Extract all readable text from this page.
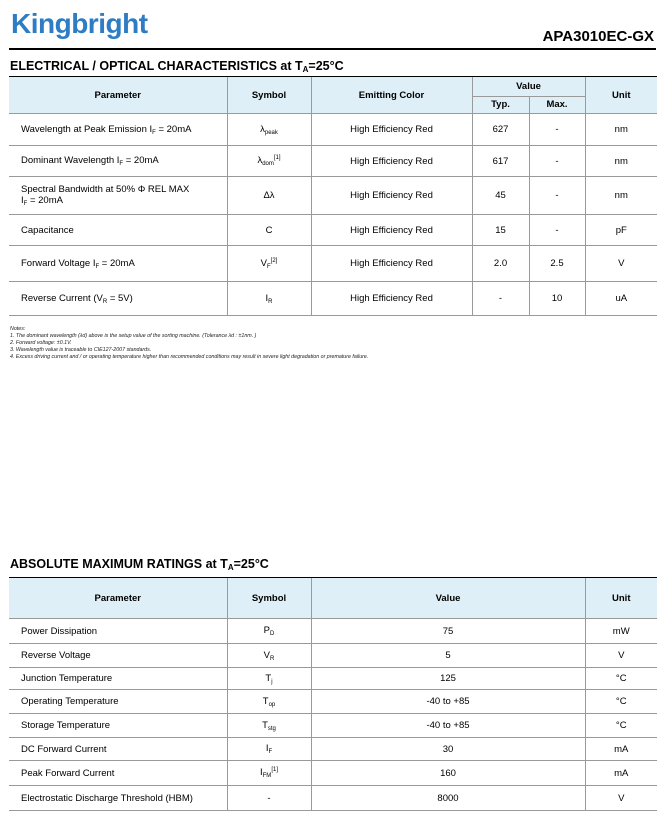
Kingbright	APA3010EC-GX
ELECTRICAL / OPTICAL CHARACTERISTICS at $T_A=25^\circ C$
Parameter	Symbol	Emitting Color	Value		Unit
			Typ.	Max.	

Wavelength at Peak Emission $I_F = 20mA$	$\lambda_{peak}$	High Efficiency Red	627	-	nm

Dominant Wavelength $I_F = 20mA$	$\lambda_{dom}[1]$	High Efficiency Red	617	-	nm

Spectral Bandwidth at 50% Φ REL MAX
$I_F = 20mA$	Δλ	High Efficiency Red	45	-	nm

Capacitance	C	High Efficiency Red	15	-	pF

Forward Voltage $I_F = 20mA$	$V_F[2]$	High Efficiency Red	2.0	2.5	V

Reverse Current $(V_R = 5V)$	$I_R$	High Efficiency Red	-	10	uA
Notes:
1. The dominant wavelength (λd) above is the setup value of the sorting machine. (Tolerance λd : ±1nm. )
2. Forward voltage: ±0.1V.
3. Wavelength value is traceable to CIE127-2007 standards.
4. Excess driving current and / or operating temperature higher than recommended conditions may result in severe light degradation or premature failure.
ABSOLUTE MAXIMUM RATINGS at $T_A=25^\circ C$
Parameter	Symbol	Value	Unit
Power Dissipation	$P_D$	75	mW
Reverse Voltage	$V_R$	5	V
Junction Temperature	$T_j$	125	°C
Operating Temperature	$T_{op}$	-40 to +85	°C
Storage Temperature	$T_{stg}$	-40 to +85	°C
DC Forward Current	$I_F$	30	mA
Peak Forward Current	$I_{FM}[1]$	160	mA
Electrostatic Discharge Threshold (HBM)	-	8000	V
